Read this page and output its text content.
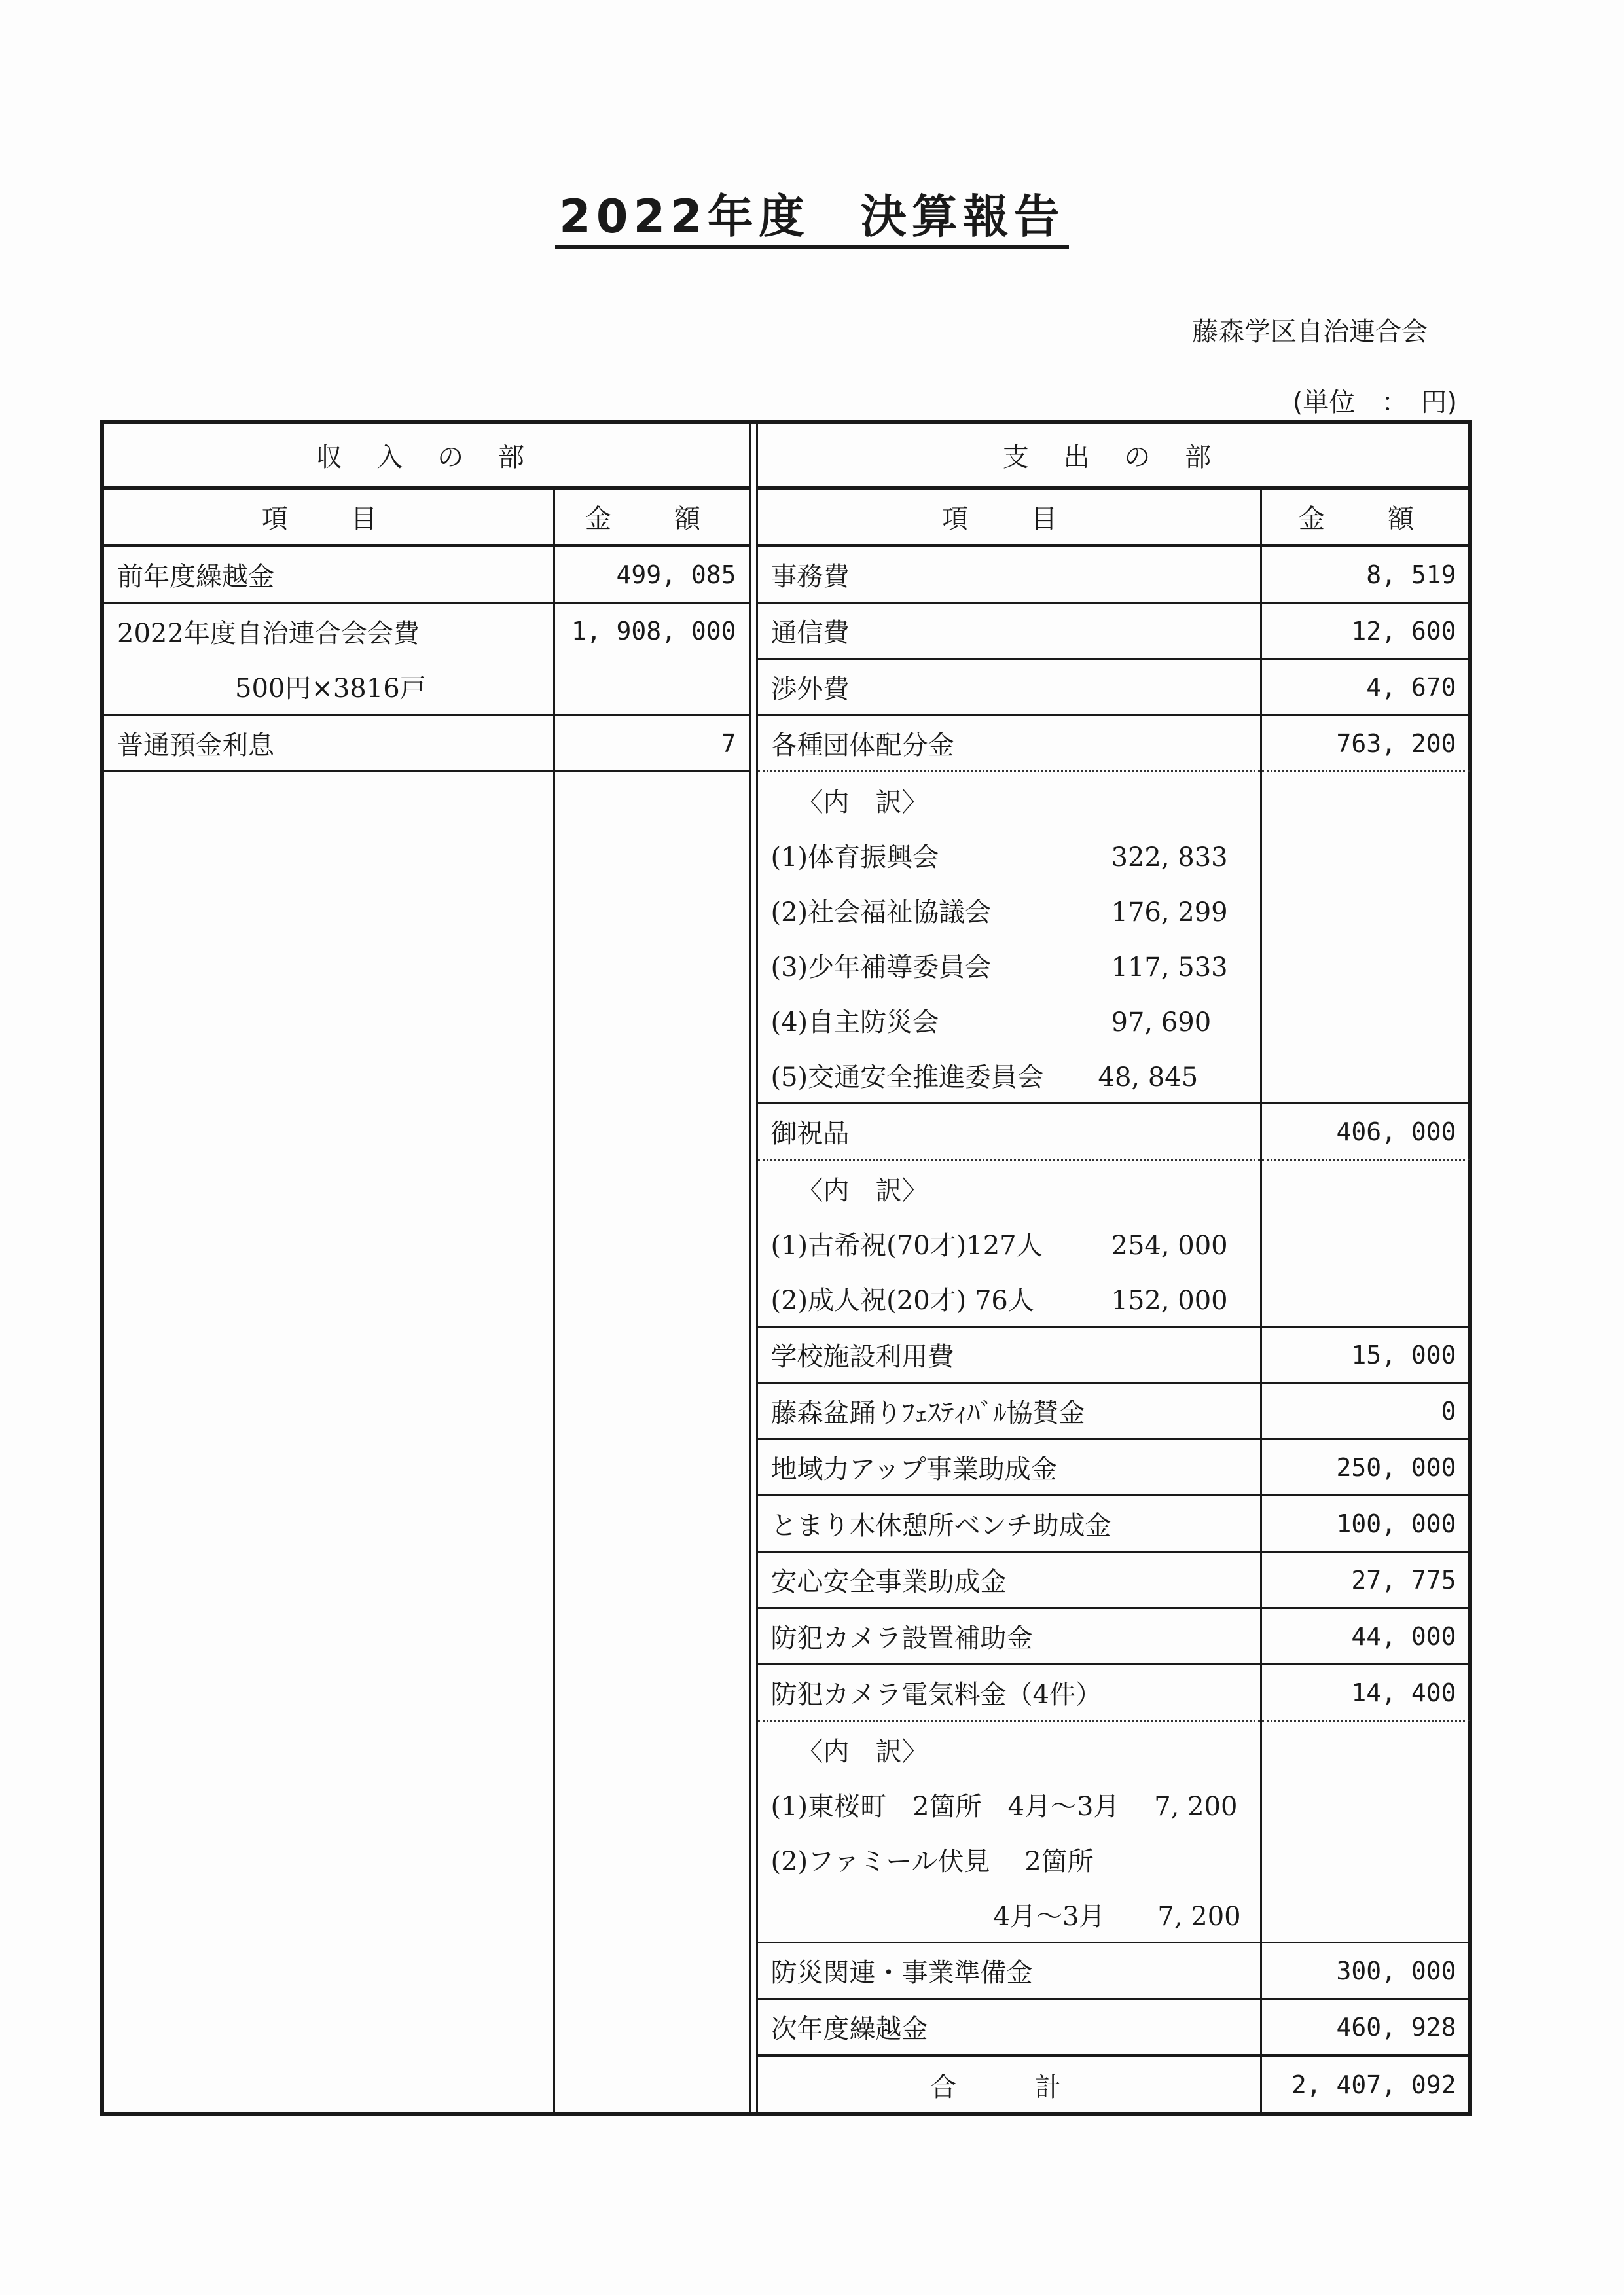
2022年度　決算報告
藤森学区自治連合会
(単位　：　円)
収 入 の 部			支 出 の 部		
項　目	金　額		項　目	金　額	
前年度繰越金	499, 085		事務費	8, 519	
2022年度自治連合会会費	1, 908, 000		通信費	12, 600	
500円×3816戸			渉外費	4, 670	
普通預金利息	7		各種団体配分金	763, 200	
			〈内　訳〉		
			(1)体育振興会 322, 833		
			(2)社会福祉協議会 176, 299		
			(3)少年補導委員会 117, 533		
			(4)自主防災会 97, 690		
			(5)交通安全推進委員会 48, 845		
			御祝品	406, 000	
			〈内　訳〉		
			(1)古希祝(70才)127人 254, 000		
			(2)成人祝(20才) 76人 152, 000		
			学校施設利用費	15, 000	
			藤森盆踊りﾌｪｽﾃｨﾊﾞﾙ協賛金	0	
			地域力アップ事業助成金	250, 000	
			とまり木休憩所ベンチ助成金	100, 000	
			安心安全事業助成金	27, 775	
			防犯カメラ設置補助金	44, 000	
			防犯カメラ電気料金（4件）	14, 400	
			〈内　訳〉		
			(1)東桜町　2箇所　4月～3月　 7, 200		
			(2)ファミール伏見　 2箇所		
			4月～3月　　7, 200		
			防災関連・事業準備金	300, 000	
			次年度繰越金	460, 928	
			合　計	2, 407, 092		
